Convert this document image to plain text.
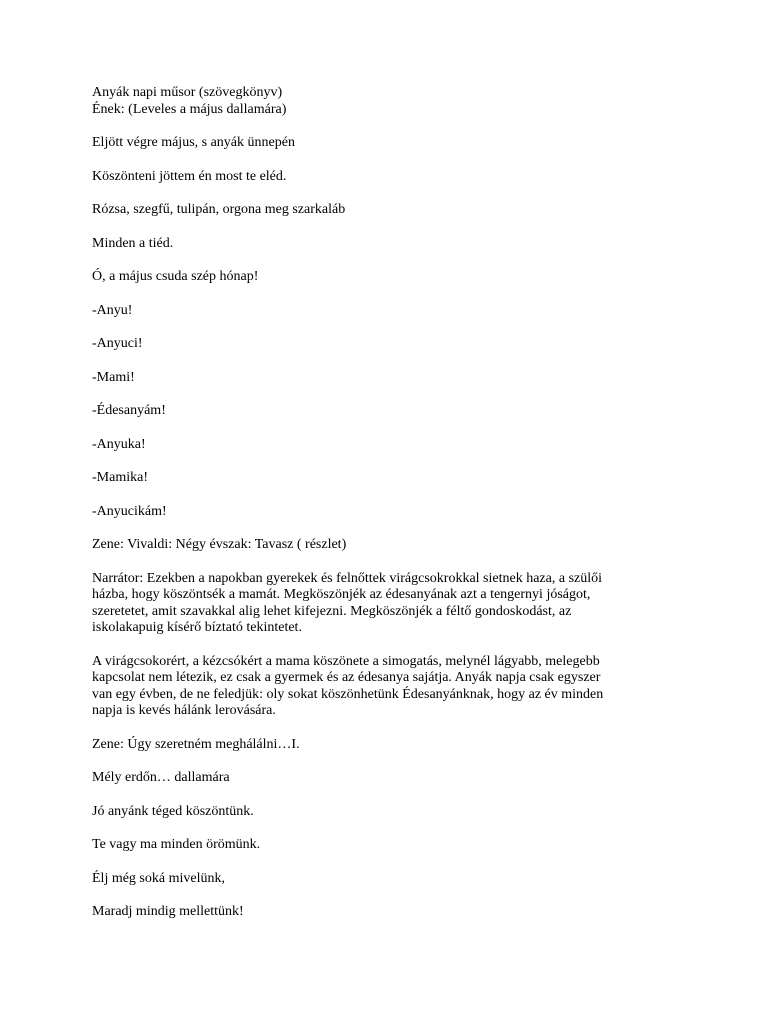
Anyák napi műsor (szövegkönyv)

Ének: (Leveles a május dallamára)

Eljött végre május, s anyák ünnepén

Köszönteni jöttem én most te eléd.

Rózsa, szegfű, tulipán, orgona meg szarkaláb

Minden a tiéd.

Ó, a május csuda szép hónap!

-Anyu!

-Anyuci!

-Mami!

-Édesanyám!

-Anyuka!

-Mamika!

-Anyucikám!

Zene: Vivaldi: Négy évszak: Tavasz ( részlet)

Narrátor: Ezekben a napokban gyerekek és felnőttek virágcsokrokkal sietnek haza, a szülői

házba, hogy köszöntsék a mamát. Megköszönjék az édesanyának azt a tengernyi jóságot,

szeretetet, amit szavakkal alig lehet kifejezni. Megköszönjék a féltő gondoskodást, az

iskolakapuig kísérő bíztató tekintetet.

A virágcsokorért, a kézcsókért a mama köszönete a simogatás, melynél lágyabb, melegebb

kapcsolat nem létezik, ez csak a gyermek és az édesanya sajátja. Anyák napja csak egyszer

van egy évben, de ne feledjük: oly sokat köszönhetünk Édesanyánknak, hogy az év minden

napja is kevés hálánk lerovására.

Zene: Úgy szeretném meghálálni…I.

Mély erdőn… dallamára

Jó anyánk téged köszöntünk.

Te vagy ma minden örömünk.

Élj még soká mivelünk,

Maradj mindig mellettünk!
